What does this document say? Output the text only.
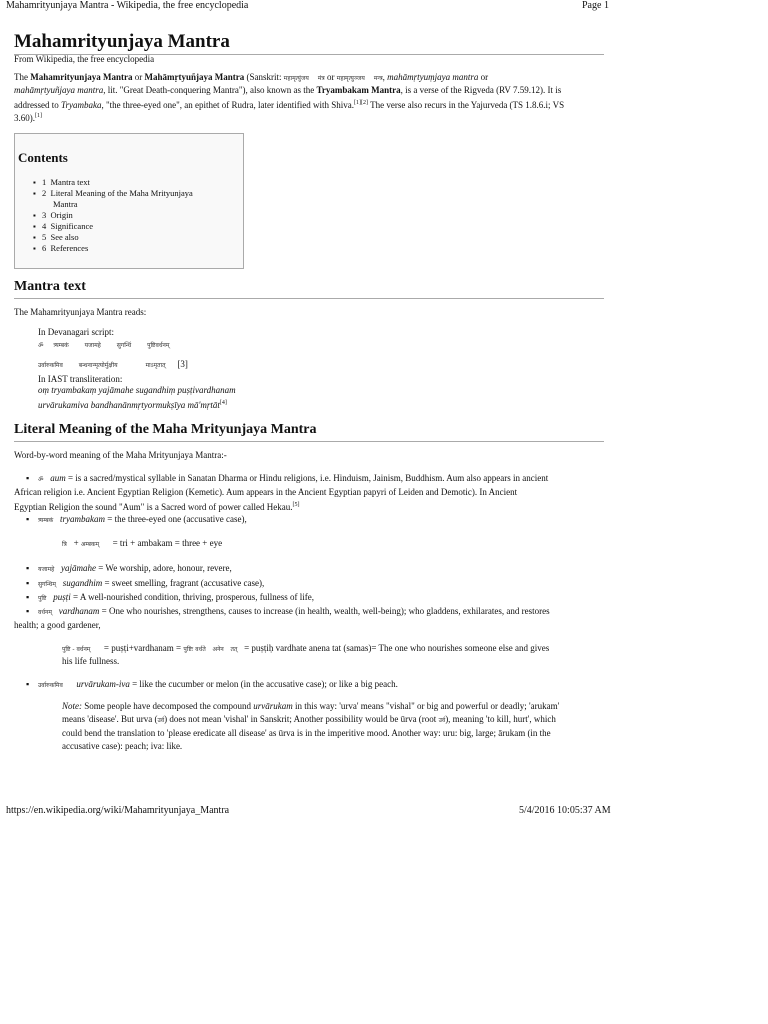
Mahamrityunjaya Mantra - Wikipedia, the free encyclopedia	Page 1
Mahamrityunjaya Mantra
From Wikipedia, the free encyclopedia
The Mahamrityunjaya Mantra or Mahāmṛtyuñjaya Mantra (Sanskrit: महामृत्युंजय मंत्र or महामृत्युञ्जय मन्त्र, mahāmṛtyuṃjaya mantra or
mahāmṛtyuñjaya mantra, lit. "Great Death-conquering Mantra"), also known as the Tryambakam Mantra, is a verse of the Rigveda (RV 7.59.12). It is
addressed to Tryambaka, "the three-eyed one", an epithet of Rudra, later identified with Shiva.[1][2] The verse also recurs in the Yajurveda (TS 1.8.6.i; VS
3.60).[1]
Contents
▪ 1 Mantra text
▪ 2 Literal Meaning of the Maha Mrityunjaya
Mantra
▪ 3 Origin
▪ 4 Significance
▪ 5 See also
▪ 6 References
Mantra text
The Mahamrityunjaya Mantra reads:
In Devanagari script:
ॐ त्र्यम्बकं	यजामहे	सुगन्धिं	पुष्टिवर्धनम्
उर्वारुकमिव	बन्धनान्मृत्योर्मुक्षीय	माऽमृतात् [3]
In IAST transliteration:
oṃ tryambakaṃ yajāmahe sugandhiṃ puṣṭivardhanam
urvārukamiva bandhanānmṛtyormukṣīya mā'mṛtāt[4]
Literal Meaning of the Maha Mrityunjaya Mantra
Word-by-word meaning of the Maha Mrityunjaya Mantra:-
▪ ॐ aum = is a sacred/mystical syllable in Sanatan Dharma or Hindu religions, i.e. Hinduism, Jainism, Buddhism. Aum also appears in ancient
African religion i.e. Ancient Egyptian Religion (Kemetic). Aum appears in the Ancient Egyptian papyri of Leiden and Demotic). In Ancient
Egyptian Religion the sound "Aum" is a Sacred word of power called Hekau.[5]
▪ त्र्यम्बकं tryambakam = the three-eyed one (accusative case),
त्रि + अम्बकम् = tri + ambakam = three + eye
▪ यजामहे yajāmahe = We worship, adore, honour, revere,
▪ सुगन्धिम् sugandhim = sweet smelling, fragrant (accusative case),
▪ पुष्टि puṣṭi = A well-nourished condition, thriving, prosperous, fullness of life,
▪ वर्धनम् vardhanam = One who nourishes, strengthens, causes to increase (in health, wealth, well-being); who gladdens, exhilarates, and restores
health; a good gardener,
पुष्टि - वर्धनम् = puṣṭi+vardhanam = पुष्टिः वर्धते अनेन तत् = puṣṭiḥ vardhate anena tat (samas)= The one who nourishes someone else and gives
his life fullness.
▪ उर्वारुकमिव urvārukam-iva = like the cucumber or melon (in the accusative case); or like a big peach.
Note: Some people have decomposed the compound urvārukam in this way: 'urva' means "vishal" or big and powerful or deadly; 'arukam'
means 'disease'. But urva (उर्व) does not mean 'vishal' in Sanskrit; Another possibility would be ūrva (root उर्व), meaning 'to kill, hurt', which
could bend the translation to 'please eredicate all disease' as ūrva is in the imperitive mood. Another way: uru: big, large; ārukam (in the
accusative case): peach; iva: like.
https://en.wikipedia.org/wiki/Mahamrityunjaya_Mantra	5/4/2016 10:05:37 AM
